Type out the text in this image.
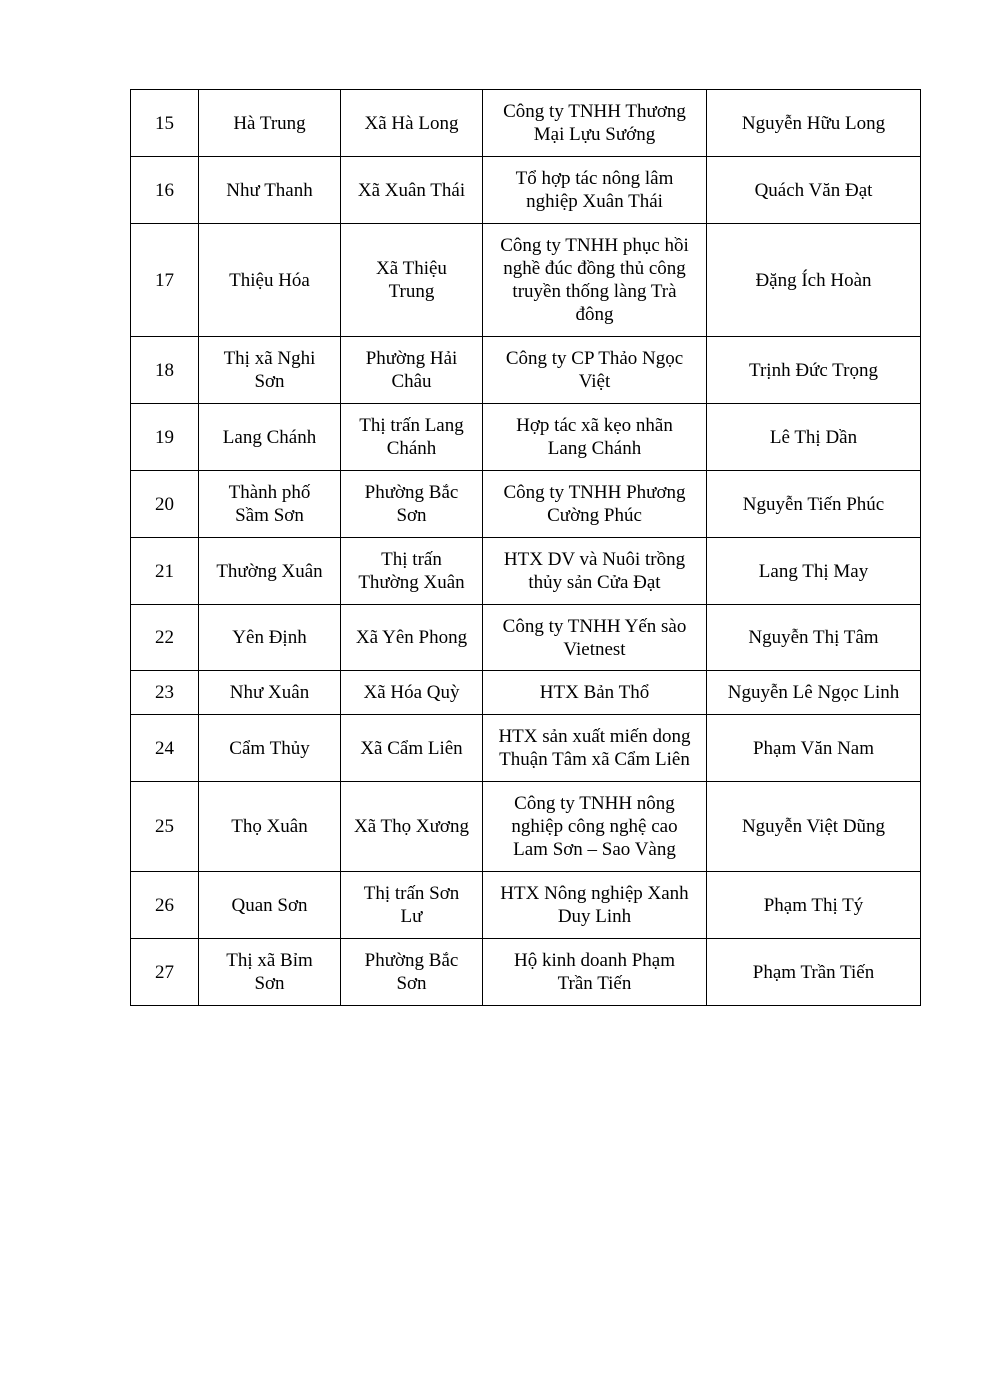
15	Hà Trung	Xã Hà Long	Công ty TNHH Thương
Mại Lựu Sướng	Nguyễn Hữu Long
16	Như Thanh	Xã Xuân Thái	Tổ hợp tác nông lâm
nghiệp Xuân Thái	Quách Văn Đạt
17	Thiệu Hóa	Xã Thiệu
Trung	Công ty TNHH phục hồi
nghề đúc đồng thủ công
truyền thống làng Trà
đông	Đặng Ích Hoàn
18	Thị xã Nghi
Sơn	Phường Hải
Châu	Công ty CP Thảo Ngọc
Việt	Trịnh Đức Trọng
19	Lang Chánh	Thị trấn Lang
Chánh	Hợp tác xã kẹo nhãn
Lang Chánh	Lê Thị Dần
20	Thành phố
Sầm Sơn	Phường Bắc
Sơn	Công ty TNHH Phương
Cường Phúc	Nguyễn Tiến Phúc
21	Thường Xuân	Thị trấn
Thường Xuân	HTX DV và Nuôi trồng
thủy sản Cửa Đạt	Lang Thị May
22	Yên Định	Xã Yên Phong	Công ty TNHH Yến sào
Vietnest	Nguyễn Thị Tâm
23	Như Xuân	Xã Hóa Quỳ	HTX Bản Thổ	Nguyễn Lê Ngọc Linh
24	Cẩm Thủy	Xã Cẩm Liên	HTX sản xuất miến dong
Thuận Tâm xã Cẩm Liên	Phạm Văn Nam
25	Thọ Xuân	Xã Thọ Xương	Công ty TNHH nông
nghiệp công nghệ cao
Lam Sơn – Sao Vàng	Nguyễn Việt Dũng
26	Quan Sơn	Thị trấn Sơn
Lư	HTX Nông nghiệp Xanh
Duy Linh	Phạm Thị Tý
27	Thị xã Bỉm
Sơn	Phường Bắc
Sơn	Hộ kinh doanh Phạm
Trần Tiến	Phạm Trần Tiến
